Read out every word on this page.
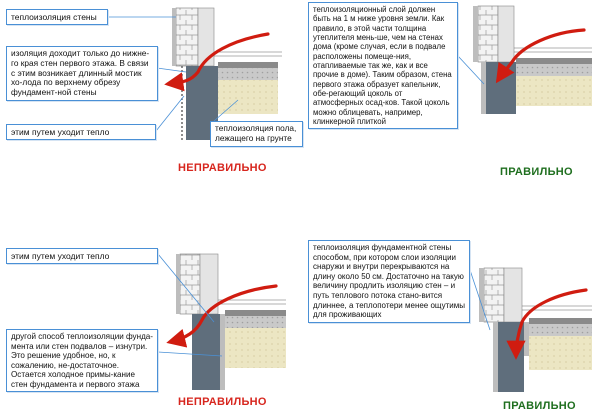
теплоизоляция стены
изоляция доходит только до нижне-го края стен первого этажа. В связи с этим возникает длинный мостик хо-лода по верхнему обрезу фундамент-ной стены
этим путем уходит тепло	теплоизоляция пола, лежащего на грунте
НЕПРАВИЛЬНО
теплоизоляционный слой должен быть на 1 м ниже уровня земли. Как правило, в этой части толщина утеплителя мень-ше, чем на стенах дома (кроме случая, если в подвале расположены помеще-ния, отапливаемые так же, как и все прочие в доме). Таким образом, стена первого этажа образует капельник, обе-регающий цоколь от атмосферных осад-ков. Такой цоколь можно облицевать, например, клинкерной плиткой
ПРАВИЛЬНО
этим путем уходит тепло
другой способ теплоизоляции фунда-мента или стен подвалов – изнутри. Это решение удобное, но, к сожалению, не-достаточное. Остается холодное примы-кание стен фундамента и первого этажа
НЕПРАВИЛЬНО
теплоизоляция фундаментной стены способом, при котором слои изоляции снаружи и внутри перекрываются на длину около 50 см. Достаточно на такую величину продлить изоляцию стен – и путь теплового потока стано-вится длиннее, а теплопотери менее ощутимы для проживающих
ПРАВИЛЬНО
